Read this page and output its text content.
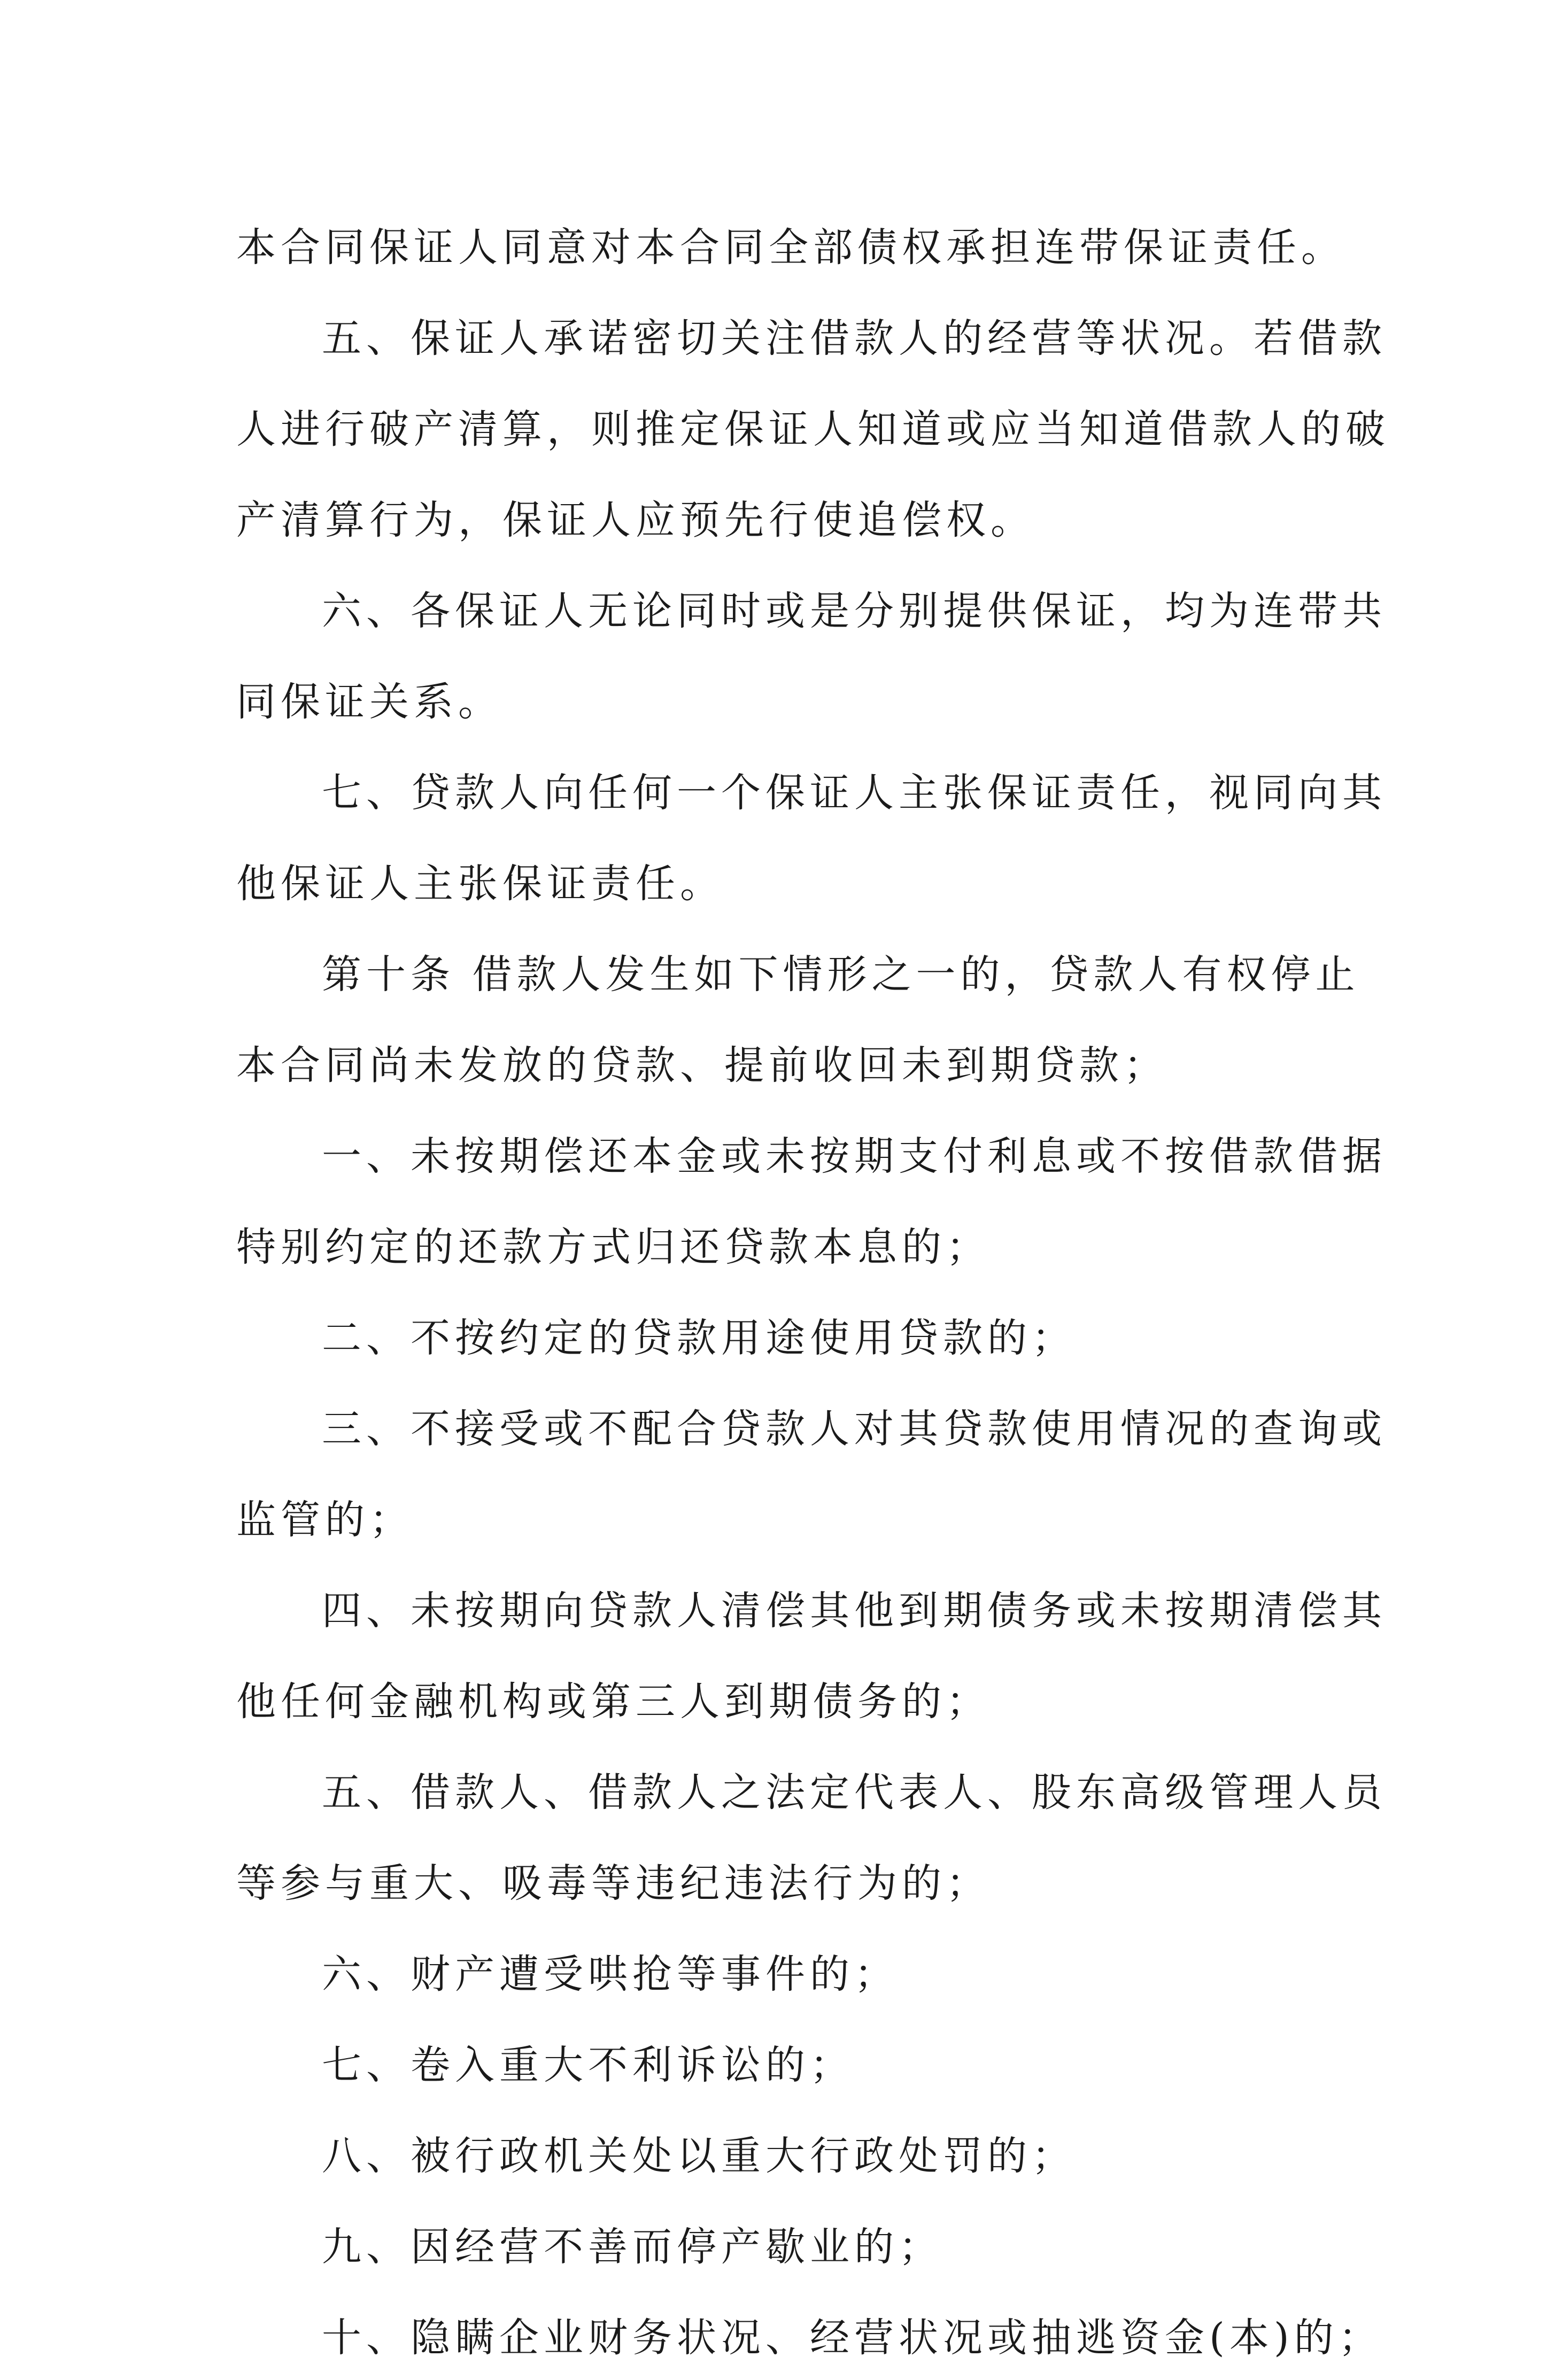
本合同保证人同意对本合同全部债权承担连带保证责任。
五、保证人承诺密切关注借款人的经营等状况。若借款
人进行破产清算，则推定保证人知道或应当知道借款人的破
产清算行为，保证人应预先行使追偿权。
六、各保证人无论同时或是分别提供保证，均为连带共
同保证关系。
七、贷款人向任何一个保证人主张保证责任，视同向其
他保证人主张保证责任。
第十条 借款人发生如下情形之一的，贷款人有权停止
本合同尚未发放的贷款、提前收回未到期贷款；
一、未按期偿还本金或未按期支付利息或不按借款借据
特别约定的还款方式归还贷款本息的；
二、不按约定的贷款用途使用贷款的；
三、不接受或不配合贷款人对其贷款使用情况的查询或
监管的；
四、未按期向贷款人清偿其他到期债务或未按期清偿其
他任何金融机构或第三人到期债务的；
五、借款人、借款人之法定代表人、股东高级管理人员
等参与重大、吸毒等违纪违法行为的；
六、财产遭受哄抢等事件的；
七、卷入重大不利诉讼的；
八、被行政机关处以重大行政处罚的；
九、因经营不善而停产歇业的；
十、隐瞒企业财务状况、经营状况或抽逃资金(本)的；
